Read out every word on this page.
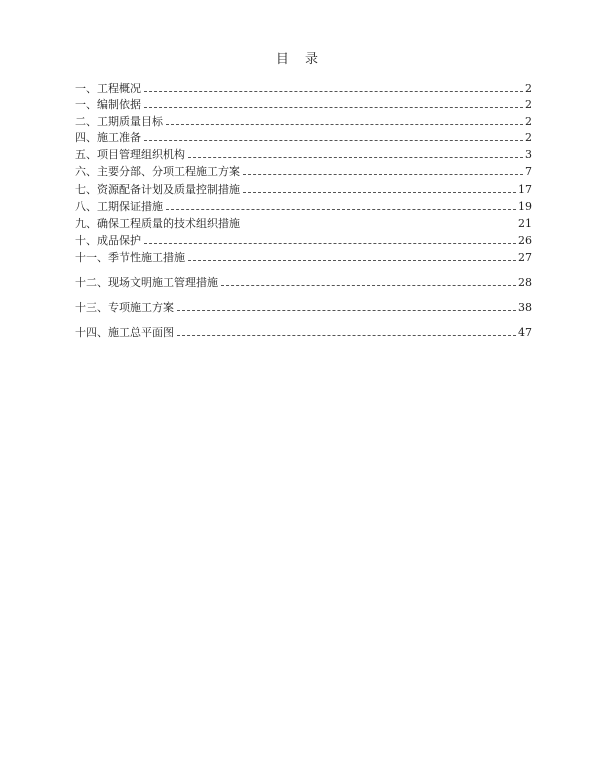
目 录
一、工程概况	2
一、编制依据	2
二、工期质量目标	2
四、施工准备	2
五、项目管理组织机构	3
六、主要分部、分项工程施工方案	7
七、资源配备计划及质量控制措施	17
八、工期保证措施	19
九、确保工程质量的技术组织措施	21
十、成品保护	26
十一、季节性施工措施	27
十二、现场文明施工管理措施	28
十三、专项施工方案	38
十四、施工总平面图	47
